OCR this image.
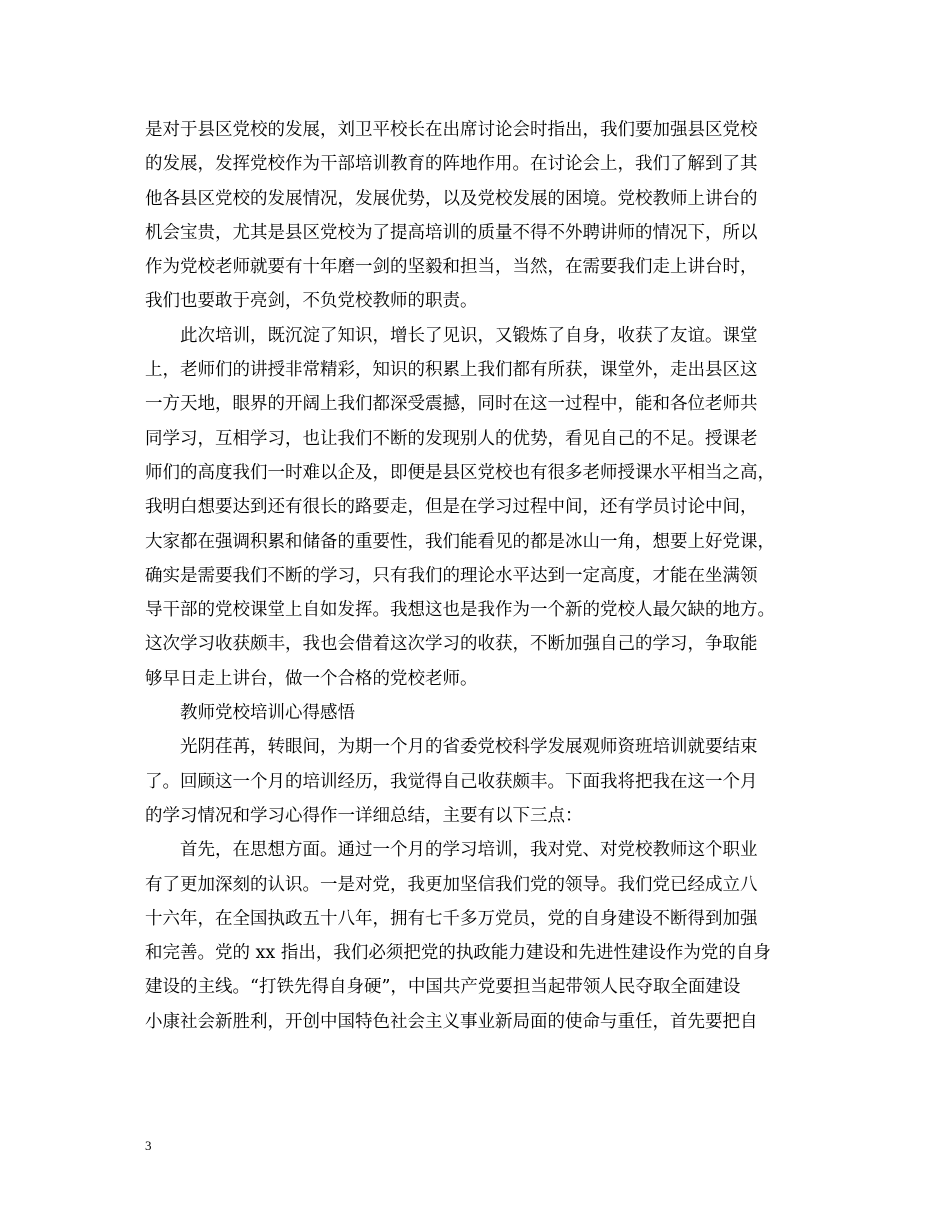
是对于县区党校的发展，刘卫平校长在出席讨论会时指出，我们要加强县区党校
的发展，发挥党校作为干部培训教育的阵地作用。在讨论会上，我们了解到了其
他各县区党校的发展情况，发展优势，以及党校发展的困境。党校教师上讲台的
机会宝贵，尤其是县区党校为了提高培训的质量不得不外聘讲师的情况下，所以
作为党校老师就要有十年磨一剑的坚毅和担当，当然，在需要我们走上讲台时，
我们也要敢于亮剑，不负党校教师的职责。
此次培训，既沉淀了知识，增长了见识，又锻炼了自身，收获了友谊。课堂
上，老师们的讲授非常精彩，知识的积累上我们都有所获，课堂外，走出县区这
一方天地，眼界的开阔上我们都深受震撼，同时在这一过程中，能和各位老师共
同学习，互相学习，也让我们不断的发现别人的优势，看见自己的不足。授课老
师们的高度我们一时难以企及，即便是县区党校也有很多老师授课水平相当之高，
我明白想要达到还有很长的路要走，但是在学习过程中间，还有学员讨论中间，
大家都在强调积累和储备的重要性，我们能看见的都是冰山一角，想要上好党课，
确实是需要我们不断的学习，只有我们的理论水平达到一定高度，才能在坐满领
导干部的党校课堂上自如发挥。我想这也是我作为一个新的党校人最欠缺的地方。
这次学习收获颇丰，我也会借着这次学习的收获，不断加强自己的学习，争取能
够早日走上讲台，做一个合格的党校老师。
教师党校培训心得感悟
光阴荏苒，转眼间，为期一个月的省委党校科学发展观师资班培训就要结束
了。回顾这一个月的培训经历，我觉得自己收获颇丰。下面我将把我在这一个月
的学习情况和学习心得作一详细总结，主要有以下三点：
首先，在思想方面。通过一个月的学习培训，我对党、对党校教师这个职业
有了更加深刻的认识。一是对党，我更加坚信我们党的领导。我们党已经成立八
十六年，在全国执政五十八年，拥有七千多万党员，党的自身建设不断得到加强
和完善。党的 xx 指出，我们必须把党的执政能力建设和先进性建设作为党的自身
建设的主线。“打铁先得自身硬”，中国共产党要担当起带领人民夺取全面建设
小康社会新胜利，开创中国特色社会主义事业新局面的使命与重任，首先要把自
3
